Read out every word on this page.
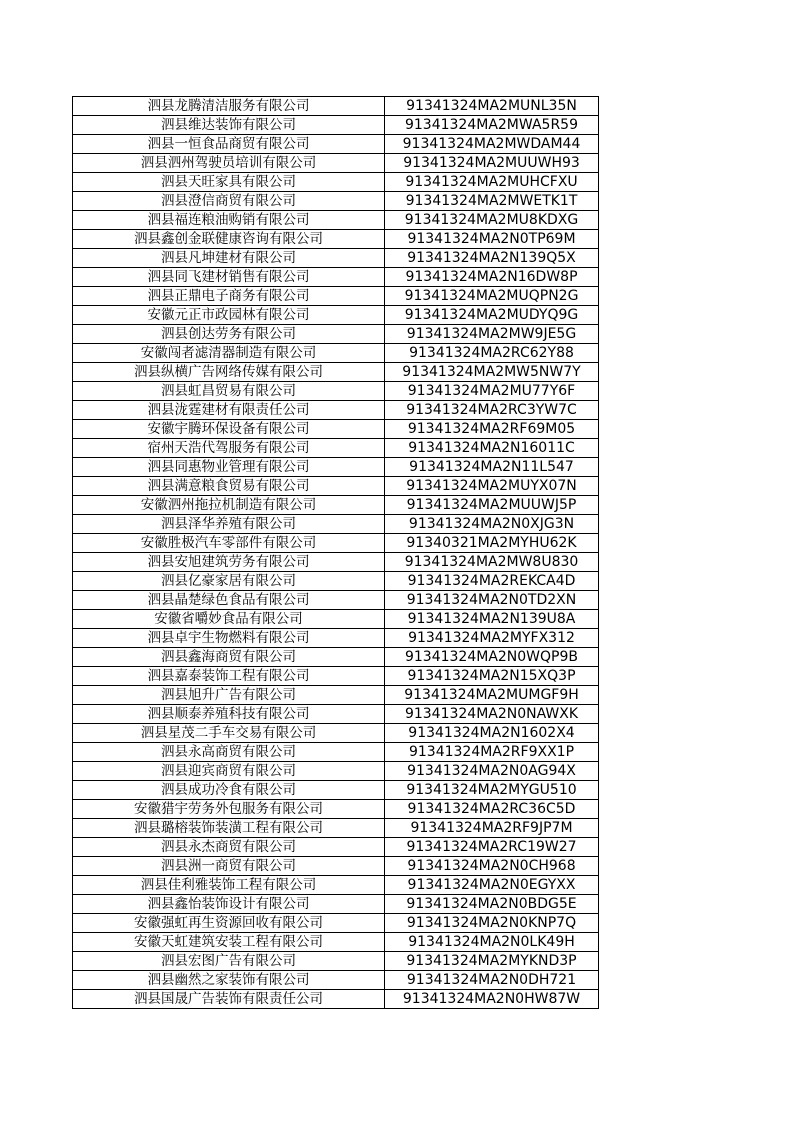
泗县龙腾清洁服务有限公司	91341324MA2MUNL35N
泗县维达装饰有限公司	91341324MA2MWA5R59
泗县一恒食品商贸有限公司	91341324MA2MWDAM44
泗县泗州驾驶员培训有限公司	91341324MA2MUUWH93
泗县天旺家具有限公司	91341324MA2MUHCFXU
泗县澄信商贸有限公司	91341324MA2MWETK1T
泗县福连粮油购销有限公司	91341324MA2MU8KDXG
泗县鑫创金联健康咨询有限公司	91341324MA2N0TP69M
泗县凡坤建材有限公司	91341324MA2N139Q5X
泗县同飞建材销售有限公司	91341324MA2N16DW8P
泗县正鼎电子商务有限公司	91341324MA2MUQPN2G
安徽元正市政园林有限公司	91341324MA2MUDYQ9G
泗县创达劳务有限公司	91341324MA2MW9JE5G
安徽闯者滤清器制造有限公司	91341324MA2RC62Y88
泗县纵横广告网络传媒有限公司	91341324MA2MW5NW7Y
泗县虹昌贸易有限公司	91341324MA2MU77Y6F
泗县泷霆建材有限责任公司	91341324MA2RC3YW7C
安徽宇腾环保设备有限公司	91341324MA2RF69M05
宿州天浩代驾服务有限公司	91341324MA2N16011C
泗县同惠物业管理有限公司	91341324MA2N11L547
泗县满意粮食贸易有限公司	91341324MA2MUYX07N
安徽泗州拖拉机制造有限公司	91341324MA2MUUWJ5P
泗县泽华养殖有限公司	91341324MA2N0XJG3N
安徽胜极汽车零部件有限公司	91340321MA2MYHU62K
泗县安旭建筑劳务有限公司	91341324MA2MW8U830
泗县亿豪家居有限公司	91341324MA2REKCA4D
泗县晶楚绿色食品有限公司	91341324MA2N0TD2XN
安徽省嚼妙食品有限公司	91341324MA2N139U8A
泗县卓宇生物燃料有限公司	91341324MA2MYFX312
泗县鑫海商贸有限公司	91341324MA2N0WQP9B
泗县嘉泰装饰工程有限公司	91341324MA2N15XQ3P
泗县旭升广告有限公司	91341324MA2MUMGF9H
泗县顺泰养殖科技有限公司	91341324MA2N0NAWXK
泗县星茂二手车交易有限公司	91341324MA2N1602X4
泗县永高商贸有限公司	91341324MA2RF9XX1P
泗县迎宾商贸有限公司	91341324MA2N0AG94X
泗县成功冷食有限公司	91341324MA2MYGU510
安徽猎宇劳务外包服务有限公司	91341324MA2RC36C5D
泗县璐榕装饰装潢工程有限公司	91341324MA2RF9JP7M
泗县永杰商贸有限公司	91341324MA2RC19W27
泗县洲一商贸有限公司	91341324MA2N0CH968
泗县佳利雅装饰工程有限公司	91341324MA2N0EGYXX
泗县鑫怡装饰设计有限公司	91341324MA2N0BDG5E
安徽强虹再生资源回收有限公司	91341324MA2N0KNP7Q
安徽天虹建筑安装工程有限公司	91341324MA2N0LK49H
泗县宏图广告有限公司	91341324MA2MYKND3P
泗县幽然之家装饰有限公司	91341324MA2N0DH721
泗县国晟广告装饰有限责任公司	91341324MA2N0HW87W
